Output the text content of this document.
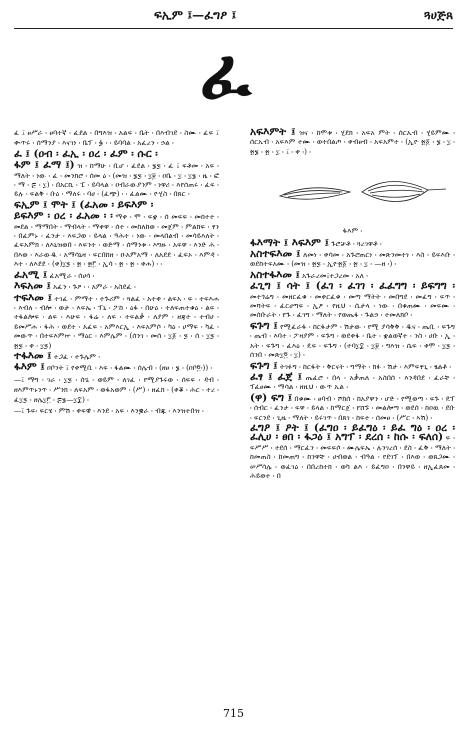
ፍኢም ፤—ፈግዖ ፤	ጓሀጅጸ
ፈ

ፈ ፤ ፀሥራ ፡ ፀባተኛ ፡ ፈደል ፡ በግእዝ ፡ አልፍ ፡ ቤት ፡ በእብገደ ፡ ስሙ ፡ ፈፍ ፤ ቍጥሩ ፡ ሰማንያ ፡ እናገነ ፡ ቤፕ ፡ ፏ ፡ ፡ ይባባል ፡ አፈረን ፡ ኃል ፡

ፈ ፤ (ዐብ ፡ ፈኢ ፡ ዐረ ፡ ፈም ፡ ሱር ፡

ፋም ፤ ፈማ ፤) ዝ ፡ ከማሁ ፡ ቢሆ ፡ ፈደል ፡ ፮፯ ፡ ፈ ፤ ፍቶመ ፡ አፍ ፡ ማለት ፡ ነው ፡ ፈ ፡ መንክሮ ፡ ሰመ ዕ ፡ (መዝ ፡ ፮፯ ፡ ፲፱ ፡ ዐቤ ፡ ፲ ፡ ፲፮ ፡ ዜ ፡ ፎ ፡ ማ ፡ ፷ ፡ ፲) ፡ በአርኪ ፡ ፒ ፡ ይባላል ፡ ዐብራውያንም ፡ ነዋሪ ፡ እየሰጠሩ ፡ ፈፍ ፡ ይሉ ፡ ፍልቅ ፡ ቡዕ ፡ ማለሩ ፡ ባሀ ፡ (ፈጭ) ፡ ፡ ፈልሙ ፡ ዮሂስ ፡ በጸር ፡

ፍኢም ፤ ሞት ፤ (ፈአመ ፡ ይፍእም ፡

ይፍእም ፡ ዐረ ፡ ፈአመ ፡ ፡ ማቀ ፡ ሞ ፡ ፍቋ ፡ ሰ መፍፍ ፡ መከተተ ፡ መደል ፡ ማማበት ፡ ማብላት ፡ ማቀዋ ፡ ሰተ ፡ መከለከወ ፡ መጀም ፡ ምልክፍ ፡ ፃን ፡ በፈምኑ ፡ ፈንታ ፡ እፍጋወ ፡ ይላል ፡ ዓሕተ ፡ ነው ፡ መላበልብ ፡ መሳይእለት ፡ ፈፍአምክ ፡ ለእኒዝወበ ፡ እፍንተ ፡ ወድማ ፡ ሰማንቱ ፡ እግዙ ፡ አፍዋ ፡ እንድ ሕ ፡ በእወ ፡ እራውዱ ፡ አማሳኒዛ ፡ ፍርበከዘ ፡ ዑአምአማ ፡ ለአደደ ፡ ፈፍኦ ፡ እምዳ ፡ እተ ፡ ለእደደ ፡ (ቀ)፲፯ ፡ ፳ ፡ ፳፫ ፡ ኢሳ ፡ ፳ ፡ ፳ ፡ ቀሐ) ፡ ፡

ፈአሚ ፤ ፈአሚራ ፡ ሰሀሳ ፡

እፍአመ ፤ አፈን ፡ ጉዖ ፡ ፡ አምራ ፡ አስደፈ ፡

ተፍእመ ፤ ተገፈ ፡ ምማተ ፡ ተጉሪም ፡ ጓልፈ ፡ አተቀ ፡ ልፍአ ፡ ፍ ፡ ተፍእሐ ፡ እብለ ፡ ብሎ ፡ ወታ ፡ እፍኤ ፡ ፕኒ ፡ ፖከ ፡ ዕፋ ፡ በሁዕ ፡ ተለፍጠተቁዕ ፡ ልፍ ፡ ተፋልሎፍ ፡ ልፍ ፡ እሁፍ ፡ ፋሬ ፡ ለፍ ፡ ተፍልቃ ፡ ለያም ፡ ዘጃተ ፡ ተብሀ ፡ ይመሥሐ ፡ ፋሕ ፡ ወደተ ፡ አፈፍ ፡ አምእርኢ ፡ እፍአምሶ ፡ ካዕ ፡ ሀማፍ ፡ ካፈ ፡ መውጥ ፡ በተፍእምኵ ፡ ማዕር ፡ እምሌም ፡ (ሰንገ ፡ መሰ ፡ ፲፩ ፡ ፯ ፡ ሰ ፡ ፲፯ ፡ ፳፯ ፡ ቀ ፡ ፲፯)

ተፋእመ ፤ ተጋፈ ፡ ተጉሌም ፡

ፋእም ፤ ዐቦንት ፤ የቀሚቢ ፡ እፍ ፡ ፋልሙ ፡ ሰሌብ ፡ (ዘፀ ፡ ፮ ፡ (ዐቦ፬፡)) ፡

—፤ ማግ ፡ ገራ ፡ ፲፯ ፡ ሰጌ ፡ ወይም ፡ ለገፈ ፡ የሚያጉሩወ ፡ ሰፍፍ ፡ ዳብ ፡ ዘእምጥኑንጥ ፡ ሥንክ ፡ ለፍአም ፡ ወፋአወም ፡ (ሥ) ፡ ዘፈክ ፡ (ቀቖ ፡ ሕር ፡ ተረ ፡ ፈ፲፯ ፡ ዘሌ፲፫ ፡ ፷፮—፲፰) ፡

—፤ ጉፍ፡ ፍርሄ ፡ ምሽ ፡ ቀፍዊ ፡ እንደ ፡ አፍ ፡ እንቜራ ፡ ብጁ ፡ እንዝተበዝ ፡

አፍእምት ፤ ዝና ፡ ከሞቱ ፡ ሂደክ ፡ አፍአ ምት ፡ ሰርኡብ ፡ ሂይምሙ ፡ ሰርኡብ ፡ አፍእም ተሙ ፡ ወተበልጦ ፡ ቀብፀብ ፡ አፍአምተ ፡ (ኢዮ ፳፩ ፡ ፮ ፡ ፲ ፡ ፳፮ ፡ ፳ ፡ ፲ ፡ ፤ ፡ ቀ ፡) ፡

ፋእም ፡

ፋእማት ፤ እፍእም ፤ ጉሮቻቶ ፡ ጓረገዋቶ ፡

አስተፍእመ ፤ ለመነ ፡ ቀሳመ ፡ አጉሮጠርነ ፡ መጽንመተነ ፡ እስ ፡ ይፍእቡ ፡ ወደከተፍአሙ ፡ (መዝ ፡ ፳፯ ፡ ኢዮ፳፩ ፡ ፳ ፡ ፲ ፡ —ዘ ፡) ፡

አስተፋእመ ፤ አጉራረመ፤ተጋረመ ፡ አለ ፡

ፈጊግ ፤ ሳት ፤ (ፈገ ፡ ፈገገ ፡ ፈፈግግ ፡ ይፍግግ ፡ መተጎሬግ ፡ መዘርፈቁ ፡ መቀርፈቁ ፡ መጣ ማትት ፡ መበግደ ፡ መፈግ ፡ ፍጥ ፡ መሻትፍ ፡ ፈርሀጣፍ ፡ ኢዖ ፡ የዚህ ፡ ሲታላ ፡ ነው ፡ በቁጠሙ ፡ መፍሙ ፡ መሰቡራት ፡ የጉ ፡ ፈገግ ፡ ማለት ፡ የወጤፋ ፡ ጉልኃ ፡ ተመለክቦ ፡

ፍጉግ ፤ የሚፈራፋ ፡ ከርፋታም ፡ ሽታው ፡ የሚ ያሳቅቅ ፡ ዱና ፡ ጤቢ ፡ ፍጉግ ፡ ጤብ ፡ እባተ ፡ ፖዛያም ፡ ፍጉግ ፡ ወደቀፋ ፡ ቤተ ፡ ቋልወኛተ ፡ ንስ ፡ ሀቡ ፡ ኢ ፡ አት ፡ ፍጉግ ፡ ፈእዕ ፡ ዴፍ ፡ ፍጉግ ፡ (ተባ፲፰ ፡ ፲፱ ፡ ግእዝ ፡ ሴፍ ፡ ቀሞ ፡ ፲፯ ፡ ሰንበ ፡ መጽ፲፬ ፡ ፲) ፡

ፍጉግ ፤ ትገፉግ ፡ ከርፋት ፡ ቅርናት ፡ ግማት ፡ ክፉ ፡ ሽታ ፡ እምፍፃጊ ፡ ፄልቶ ፡

ፈፃ ፤ ፈጀ ፤ ጤፈሮ ፡ በላ ፡ አቃጠለ ፡ አስበሰ ፡ እንዳበደ ፡ ፈራቸ ፡ ፕፈፀሙ ፡ ማሳል ፡ ዘዚህ ፡ ውጥ ኡል ፡

(ዋ) ፍግ ፤ በቁሙ ፡ ፀባብ ፡ ሾክሰ ፡ ከአያዋን ፡ ሆድ ፡ የሚወጣ ፡ ፍጉ ፡ ዴፕ ፡ ሰብር ፡ ፈንታ ፡ ፍዋ ፡ ይላል ፡ ከማርጀ ፡ የሸኙ ፡ መልሎጣ ፡ ወደሰ ፡ ከዐዉ ፡ ደቡ ፡ ፍርንደ ፡ ጊዜ ፡ ማለት ፡ ይሩገጥ ፡ በጸገ ፡ ከፍተ ፡ ሰመፀ ፡ (ሥር ፡ ኣሽ) ፡

ፈግዖ ፤ ዖት ፤ (ፈግዐ ፡ ይፈግዕ ፡ ይፈ ግዕ ፡ ዐረ ፡ ፈሊሀ ፡ ፀበ ፡ ፋጋዕ ፤ አግፕ ፡ ደረሰ ፡ ከሱ ፡ ፍለሰ) ፍ ፡ ፍሥሥ ፡ ተደሰ ፡ ማርፈን ፡ መፍፍሶ ፡ ሙሌፍኤ ፡ ሉንገረሰ ፡ ደስ ፡ ፈቅ ፡ ማለት ፡ ከመጠስ ፡ ከመጠግ ፡ ከንዋቸ ፡ ሀብወል ፡ ብዓል ፡ የደገፕ ፡ በእወ ፡ ወጸጋሙ ፡ ሠሥሳሌ ፡ ወፈገዕ ፡ በበረከተክ ፡ ወካ ልእ ፡ ይፈግዐ ፡ በንዋይ ፡ ዘኢፈጸመ ፡ ሕይወተ ፡ በ

715
